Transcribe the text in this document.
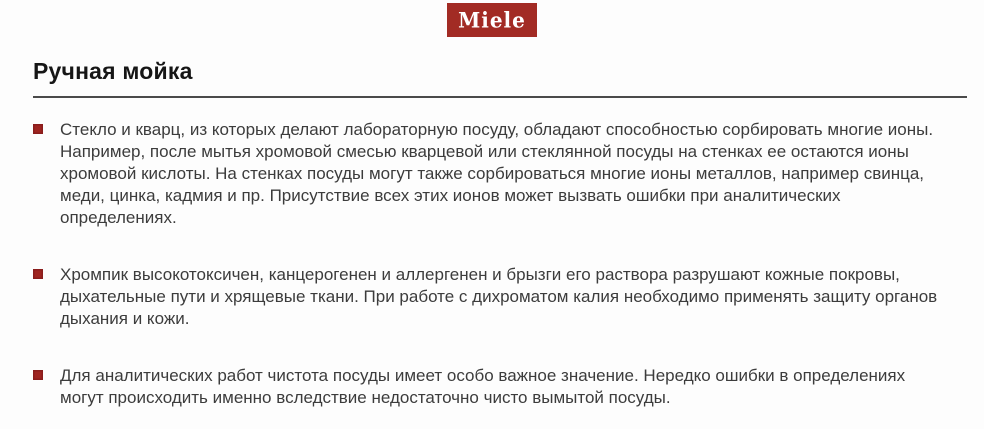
Miele
Ручная мойка
Стекло и кварц, из которых делают лабораторную посуду, обладают способностью сорбировать многие ионы. Например, после мытья хромовой смесью кварцевой или стеклянной посуды на стенках ее остаются ионы хромовой кислоты. На стенках посуды могут также сорбироваться многие ионы металлов, например свинца, меди, цинка, кадмия и пр. Присутствие всех этих ионов может вызвать ошибки при аналитических определениях.
Хромпик высокотоксичен, канцерогенен и аллергенен и брызги его раствора разрушают кожные покровы, дыхательные пути и хрящевые ткани. При работе с дихроматом калия необходимо применять защиту органов дыхания и кожи.
Для аналитических работ чистота посуды имеет особо важное значение. Нередко ошибки в определениях могут происходить именно вследствие недостаточно чисто вымытой посуды.
